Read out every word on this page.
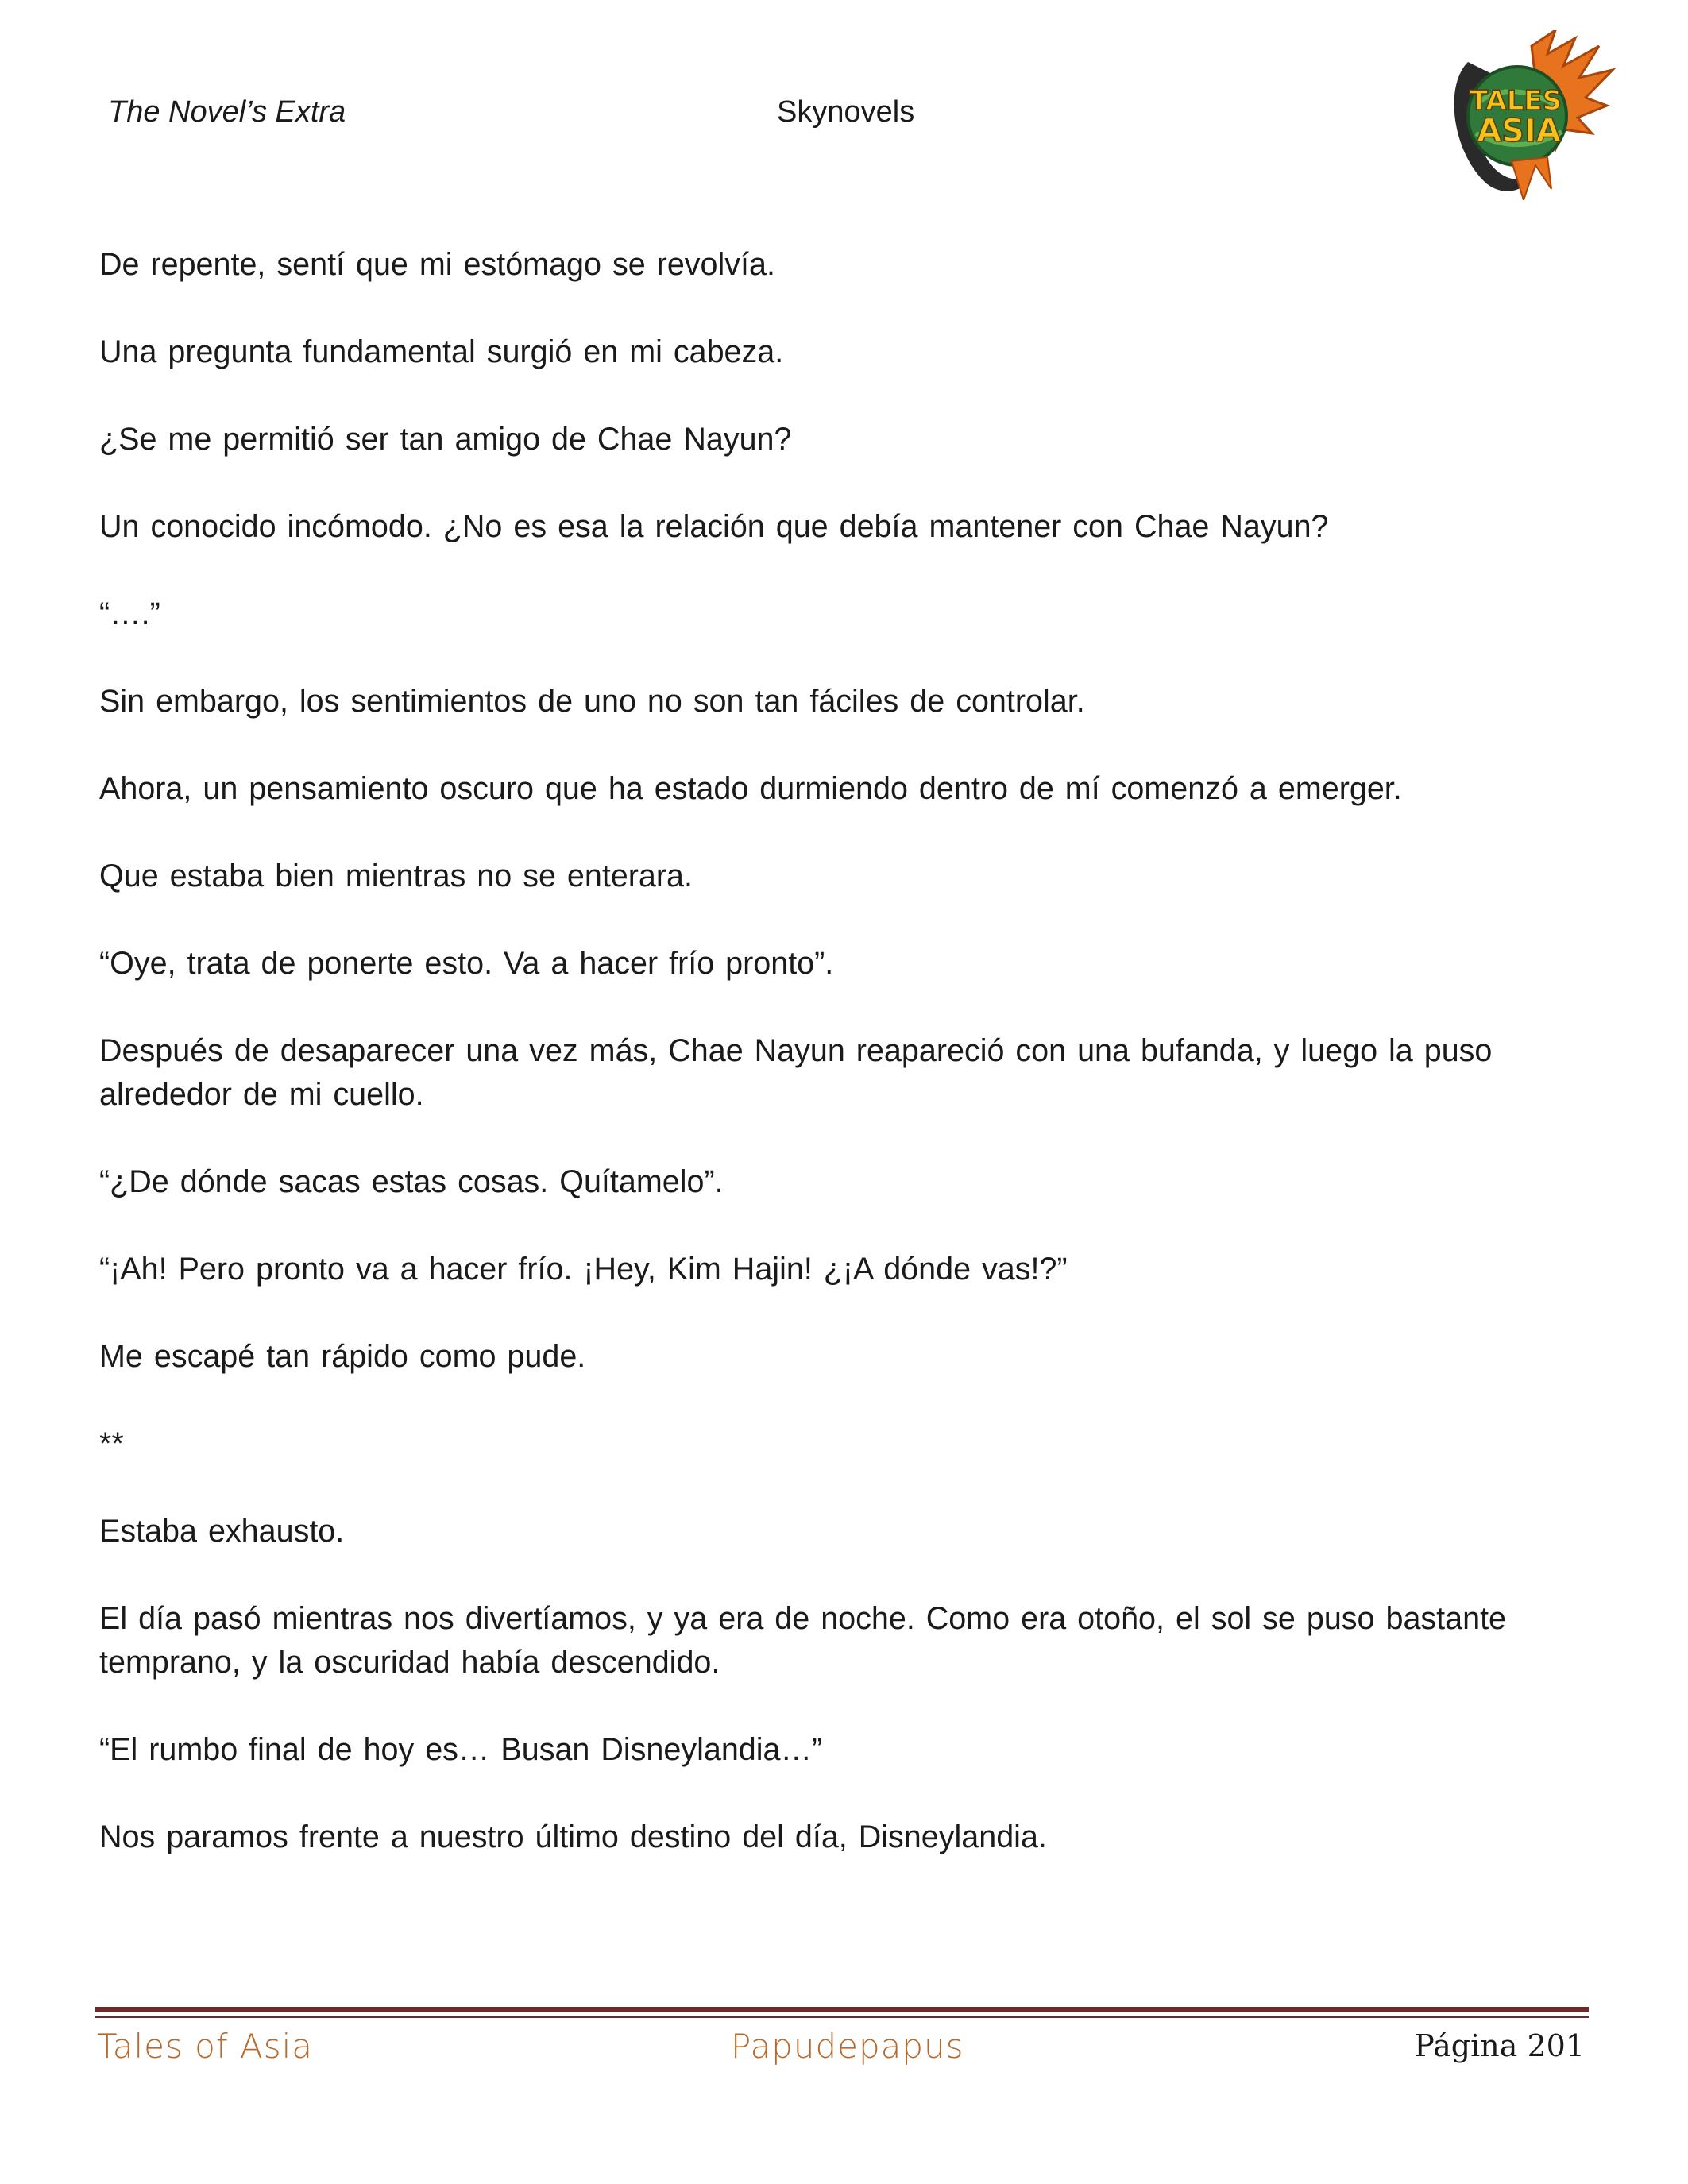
The Novel’s Extra	Skynovels	TALES
ASIA

De repente, sentí que mi estómago se revolvía.

Una pregunta fundamental surgió en mi cabeza.

¿Se me permitió ser tan amigo de Chae Nayun?

Un conocido incómodo. ¿No es esa la relación que debía mantener con Chae Nayun?

“….”

Sin embargo, los sentimientos de uno no son tan fáciles de controlar.

Ahora, un pensamiento oscuro que ha estado durmiendo dentro de mí comenzó a emerger.

Que estaba bien mientras no se enterara.

“Oye, trata de ponerte esto. Va a hacer frío pronto”.

Después de desaparecer una vez más, Chae Nayun reapareció con una bufanda, y luego la puso alrededor de mi cuello.

“¿De dónde sacas estas cosas. Quítamelo”.

“¡Ah! Pero pronto va a hacer frío. ¡Hey, Kim Hajin! ¿¡A dónde vas!?”

Me escapé tan rápido como pude.

**

Estaba exhausto.

El día pasó mientras nos divertíamos, y ya era de noche. Como era otoño, el sol se puso bastante temprano, y la oscuridad había descendido.

“El rumbo final de hoy es… Busan Disneylandia…”

Nos paramos frente a nuestro último destino del día, Disneylandia.

Tales of Asia	Papudepapus	Página 201
